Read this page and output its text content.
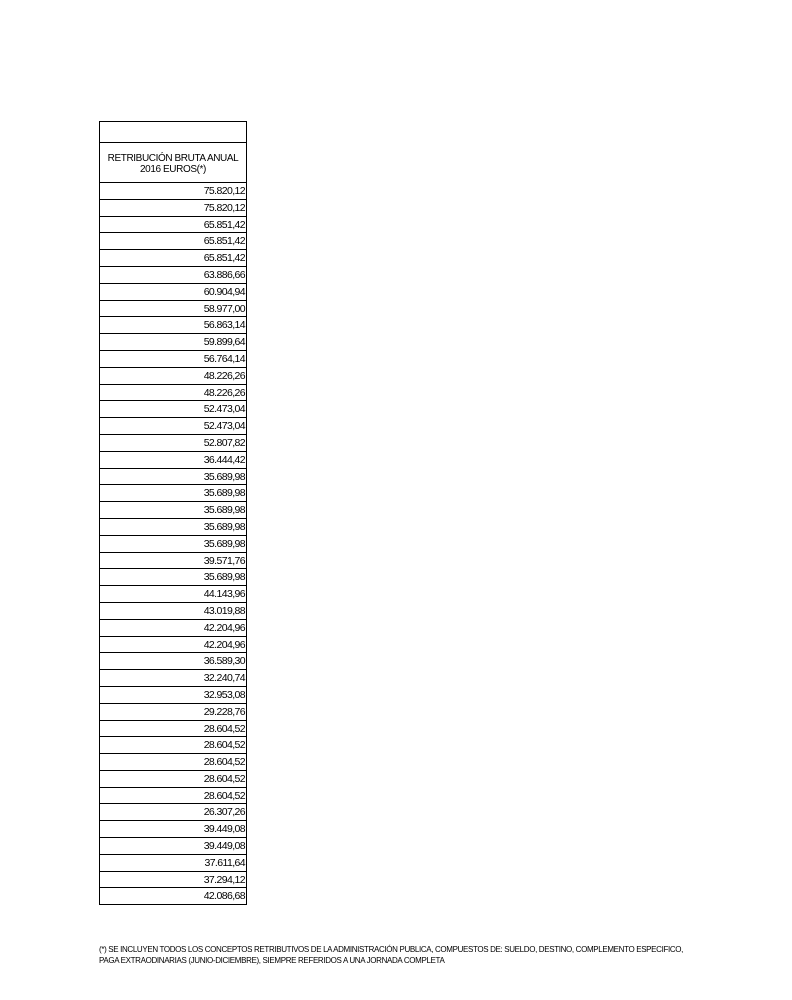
RETRIBUCIÓN BRUTA ANUAL 2016 EUROS(*)
75.820,12
75.820,12
65.851,42
65.851,42
65.851,42
63.886,66
60.904,94
58.977,00
56.863,14
59.899,64
56.764,14
48.226,26
48.226,26
52.473,04
52.473,04
52.807,82
36.444,42
35.689,98
35.689,98
35.689,98
35.689,98
35.689,98
39.571,76
35.689,98
44.143,96
43.019,88
42.204,96
42.204,96
36.589,30
32.240,74
32.953,08
29.228,76
28.604,52
28.604,52
28.604,52
28.604,52
28.604,52
26.307,26
39.449,08
39.449,08
37.611,64
37.294,12
42.086,68
(*) SE INCLUYEN TODOS LOS CONCEPTOS RETRIBUTIVOS DE LA ADMINISTRACIÓN PUBLICA, COMPUESTOS DE: SUELDO, DESTINO, COMPLEMENTO ESPECIFICO, PAGA EXTRAODINARIAS (JUNIO-DICIEMBRE), SIEMPRE REFERIDOS A UNA JORNADA COMPLETA
